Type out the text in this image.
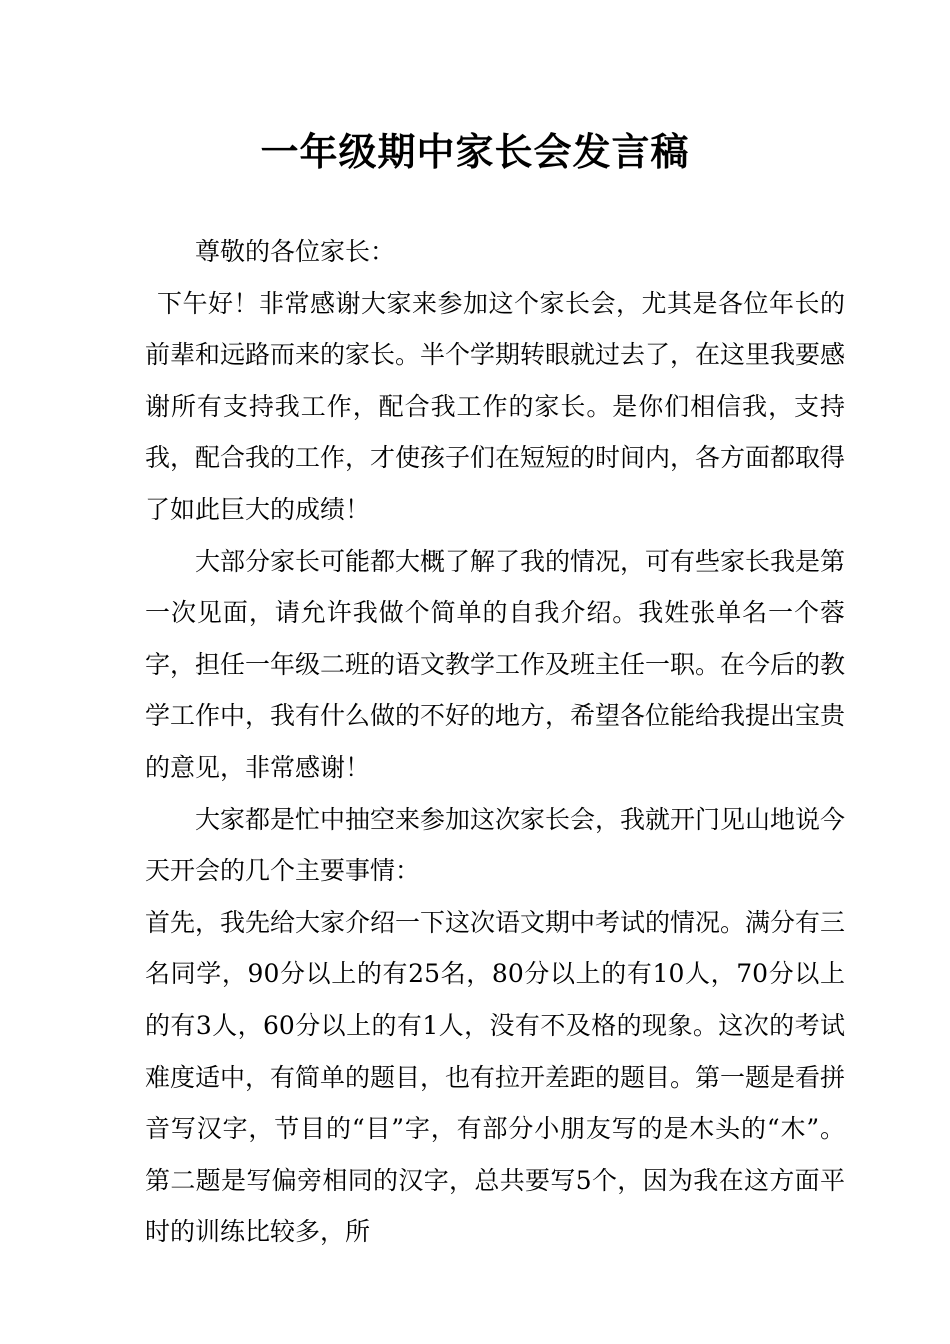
一年级期中家长会发言稿

尊敬的各位家长：

下午好！非常感谢大家来参加这个家长会，尤其是各位年长的前辈和远路而来的家长。半个学期转眼就过去了，在这里我要感谢所有支持我工作，配合我工作的家长。是你们相信我，支持我，配合我的工作，才使孩子们在短短的时间内，各方面都取得了如此巨大的成绩！

大部分家长可能都大概了解了我的情况，可有些家长我是第一次见面，请允许我做个简单的自我介绍。我姓张单名一个蓉字，担任一年级二班的语文教学工作及班主任一职。在今后的教学工作中，我有什么做的不好的地方，希望各位能给我提出宝贵的意见，非常感谢！

大家都是忙中抽空来参加这次家长会，我就开门见山地说今天开会的几个主要事情：

首先，我先给大家介绍一下这次语文期中考试的情况。满分有三名同学，90分以上的有25名，80分以上的有10人，70分以上的有3人，60分以上的有1人，没有不及格的现象。这次的考试难度适中，有简单的题目，也有拉开差距的题目。第一题是看拼音写汉字，节目的“目”字，有部分小朋友写的是木头的“木”。第二题是写偏旁相同的汉字，总共要写5个，因为我在这方面平时的训练比较多，所
